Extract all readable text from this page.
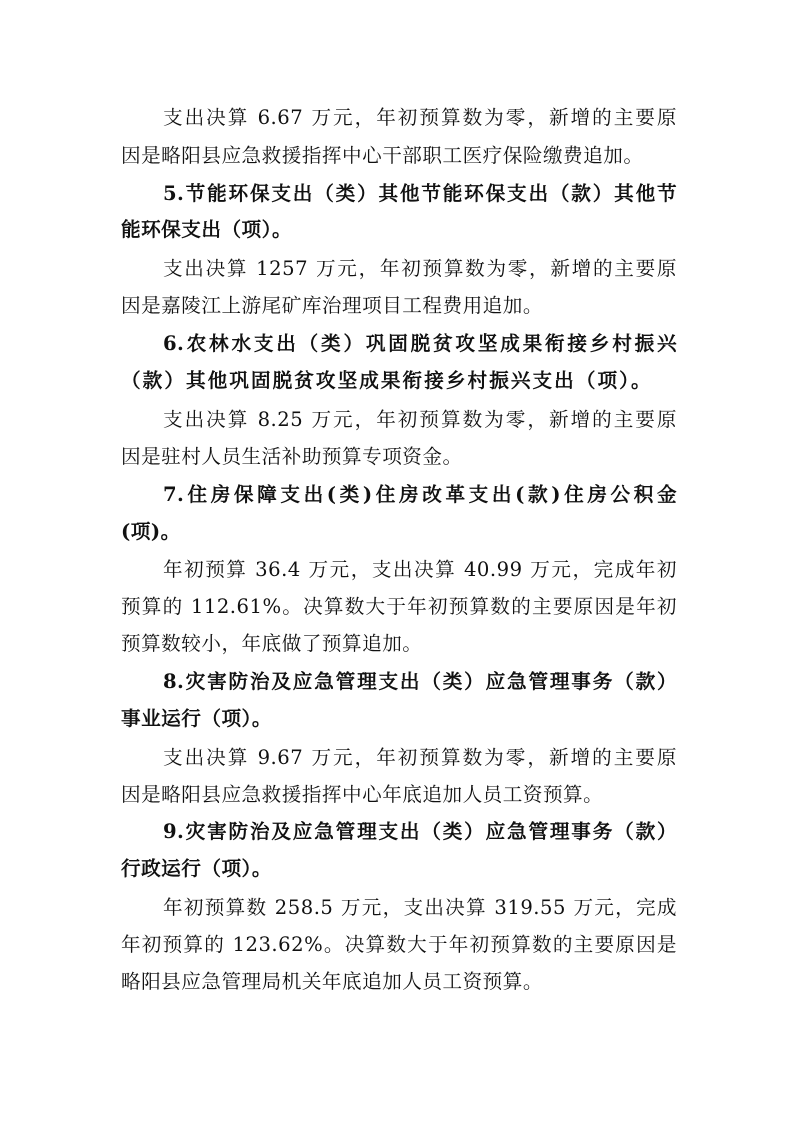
支出决算 6.67 万元，年初预算数为零，新增的主要原
因是略阳县应急救援指挥中心干部职工医疗保险缴费追加。
5.节能环保支出（类）其他节能环保支出（款）其他节
能环保支出（项）。
支出决算 1257 万元，年初预算数为零，新增的主要原
因是嘉陵江上游尾矿库治理项目工程费用追加。
6.农林水支出（类）巩固脱贫攻坚成果衔接乡村振兴
（款）其他巩固脱贫攻坚成果衔接乡村振兴支出（项）。
支出决算 8.25 万元，年初预算数为零，新增的主要原
因是驻村人员生活补助预算专项资金。
7.住房保障支出(类)住房改革支出(款)住房公积金
(项)。
年初预算 36.4 万元，支出决算 40.99 万元，完成年初
预算的 112.61%。决算数大于年初预算数的主要原因是年初
预算数较小，年底做了预算追加。
8.灾害防治及应急管理支出（类）应急管理事务（款）
事业运行（项）。
支出决算 9.67 万元，年初预算数为零，新增的主要原
因是略阳县应急救援指挥中心年底追加人员工资预算。
9.灾害防治及应急管理支出（类）应急管理事务（款）
行政运行（项）。
年初预算数 258.5 万元，支出决算 319.55 万元，完成
年初预算的 123.62%。决算数大于年初预算数的主要原因是
略阳县应急管理局机关年底追加人员工资预算。
